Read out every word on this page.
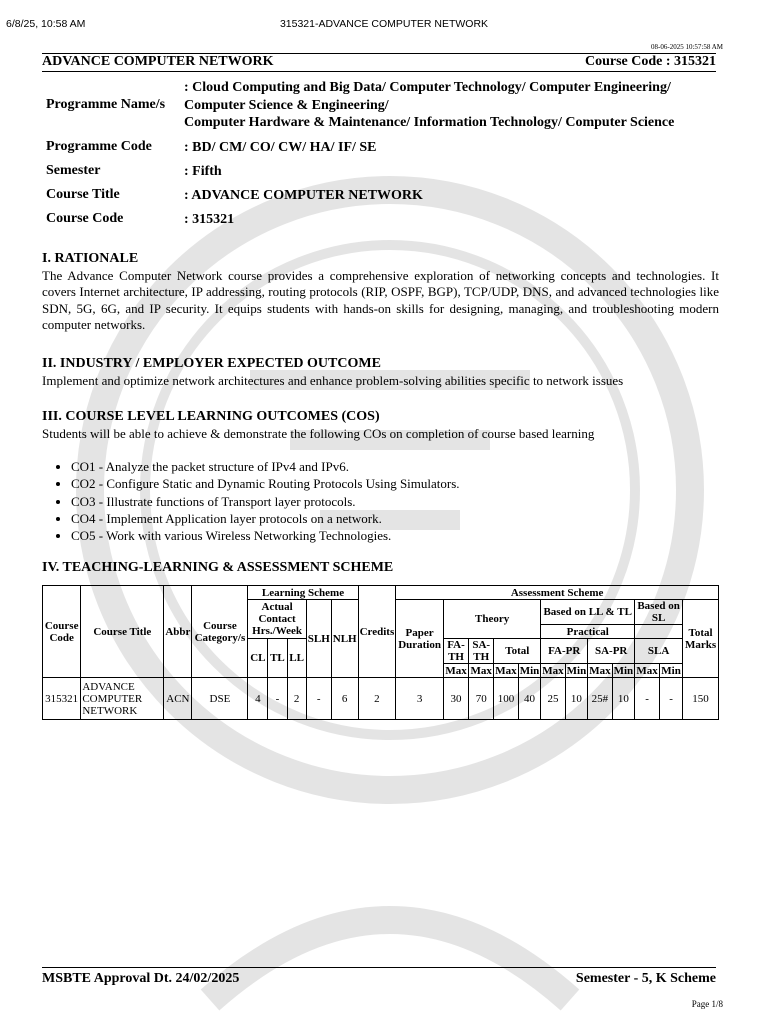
6/8/25, 10:58 AM	315321-ADVANCE COMPUTER NETWORK
08-06-2025 10:57:58 AM
ADVANCE COMPUTER NETWORK	Course Code : 315321
Programme Name/s
: Cloud Computing and Big Data/ Computer Technology/ Computer Engineering/
Computer Science & Engineering/
Computer Hardware & Maintenance/ Information Technology/ Computer Science
Programme Code : BD/ CM/ CO/ CW/ HA/ IF/ SE
Semester	: Fifth
Course Title	: ADVANCE COMPUTER NETWORK
Course Code	: 315321
I. RATIONALE

The Advance Computer Network course provides a comprehensive exploration of networking concepts and technologies. It covers Internet architecture, IP addressing, routing protocols (RIP, OSPF, BGP), TCP/UDP, DNS, and advanced technologies like SDN, 5G, 6G, and IP security. It equips students with hands-on skills for designing, managing, and troubleshooting modern computer networks.

II. INDUSTRY / EMPLOYER EXPECTED OUTCOME

Implement and optimize network architectures and enhance problem-solving abilities specific to network issues

III. COURSE LEVEL LEARNING OUTCOMES (COS)

Students will be able to achieve & demonstrate the following COs on completion of course based learning

• CO1 - Analyze the packet structure of IPv4 and IPv6.
• CO2 - Configure Static and Dynamic Routing Protocols Using Simulators.
• CO3 - Illustrate functions of Transport layer protocols.
• CO4 - Implement Application layer protocols on a network.
• CO5 - Work with various Wireless Networking Technologies.
IV. TEACHING-LEARNING & ASSESSMENT SCHEME
Course Code	Course Title	Abbr	Course Category/s	Learning Scheme					Credits	Assessment Scheme											
				Actual Contact Hrs./Week			SLH	NLH		Paper Duration	Theory				Based on LL & TL				Based on SL		Total Marks
															Practical						
				CL	TL	LL					FA-TH	SA-TH	Total		FA-PR		SA-PR		SLA		
											Max	Max	Max	Min	Max	Min	Max	Min	Max	Min	
315321	ADVANCE COMPUTER NETWORK	ACN	DSE	4	-	2	-	6	2	3	30	70	100	40	25	10	25#	10	-	-	150
MSBTE Approval Dt. 24/02/2025	Semester - 5, K Scheme
Page 1/8
